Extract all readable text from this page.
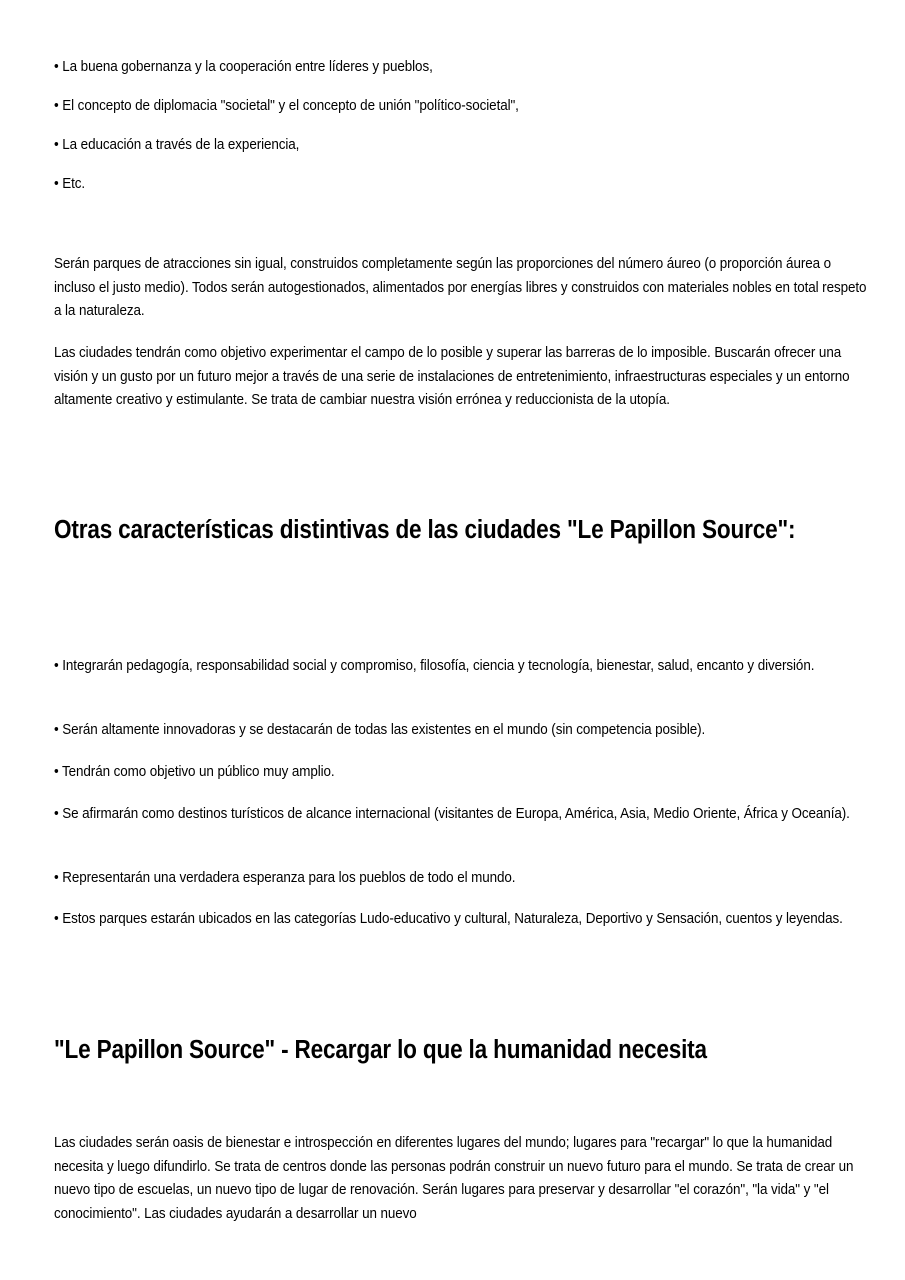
• La buena gobernanza y la cooperación entre líderes y pueblos,

• El concepto de diplomacia "societal" y el concepto de unión "político-societal",

• La educación a través de la experiencia,

• Etc.

Serán parques de atracciones sin igual, construidos completamente según las proporciones del número áureo (o proporción áurea o incluso el justo medio). Todos serán autogestionados, alimentados por energías libres y construidos con materiales nobles en total respeto a la naturaleza.

Las ciudades tendrán como objetivo experimentar el campo de lo posible y superar las barreras de lo imposible. Buscarán ofrecer una visión y un gusto por un futuro mejor a través de una serie de instalaciones de entretenimiento, infraestructuras especiales y un entorno altamente creativo y estimulante. Se trata de cambiar nuestra visión errónea y reduccionista de la utopía.

Otras características distintivas de las ciudades "Le Papillon Source":

• Integrarán pedagogía, responsabilidad social y compromiso, filosofía, ciencia y tecnología, bienestar, salud, encanto y diversión.

• Serán altamente innovadoras y se destacarán de todas las existentes en el mundo (sin competencia posible).

• Tendrán como objetivo un público muy amplio.

• Se afirmarán como destinos turísticos de alcance internacional (visitantes de Europa, América, Asia, Medio Oriente, África y Oceanía).

• Representarán una verdadera esperanza para los pueblos de todo el mundo.

• Estos parques estarán ubicados en las categorías Ludo-educativo y cultural, Naturaleza, Deportivo y Sensación, cuentos y leyendas.

"Le Papillon Source" - Recargar lo que la humanidad necesita

Las ciudades serán oasis de bienestar e introspección en diferentes lugares del mundo; lugares para "recargar" lo que la humanidad necesita y luego difundirlo. Se trata de centros donde las personas podrán construir un nuevo futuro para el mundo. Se trata de crear un nuevo tipo de escuelas, un nuevo tipo de lugar de renovación. Serán lugares para preservar y desarrollar "el corazón", "la vida" y "el conocimiento". Las ciudades ayudarán a desarrollar un nuevo
